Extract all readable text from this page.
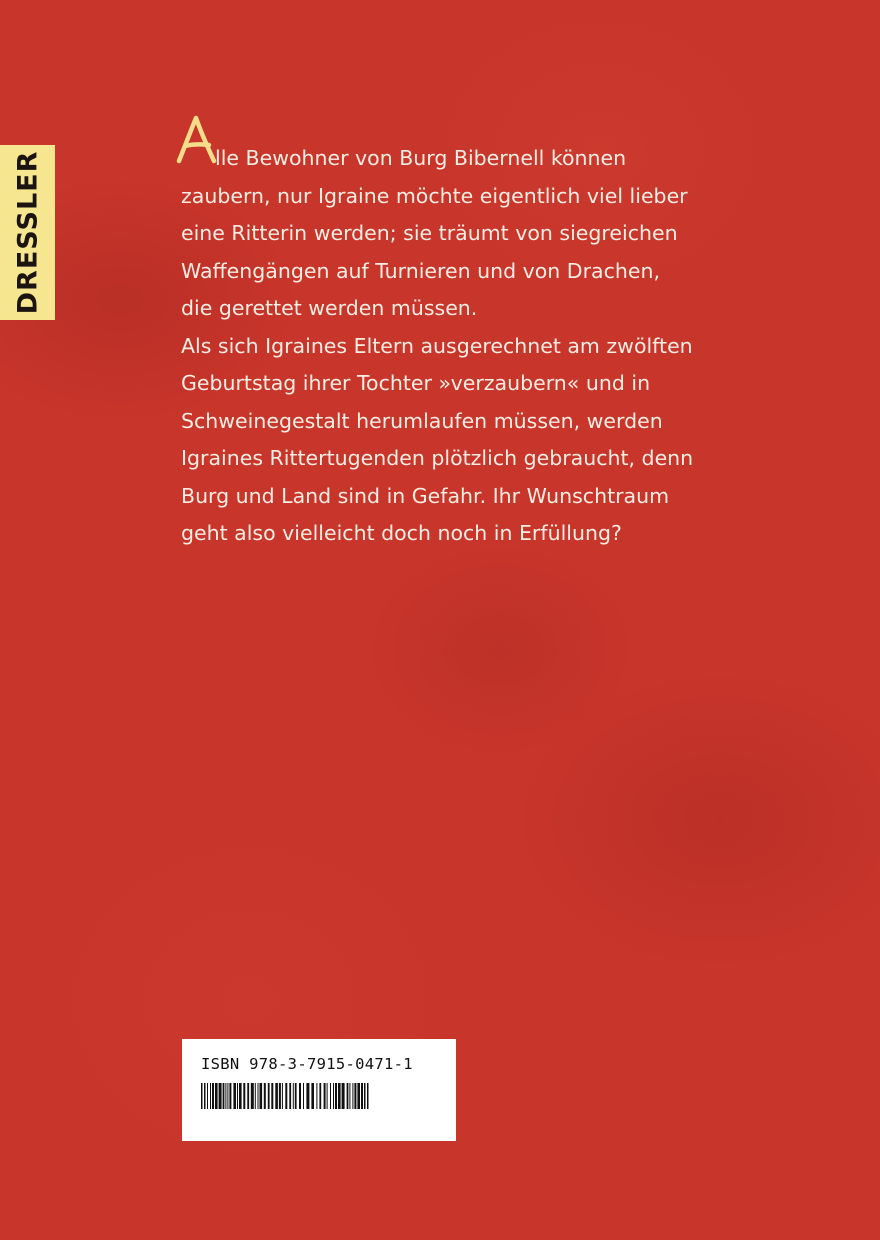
DRESSLER	lle Bewohner von Burg Bibernell können
zaubern, nur Igraine möchte eigentlich viel lieber
eine Ritterin werden; sie träumt von siegreichen
Waffengängen auf Turnieren und von Drachen,
die gerettet werden müssen.
Als sich Igraines Eltern ausgerechnet am zwölften
Geburtstag ihrer Tochter »verzaubern« und in
Schweinegestalt herumlaufen müssen, werden
Igraines Rittertugenden plötzlich gebraucht, denn
Burg und Land sind in Gefahr. Ihr Wunschtraum
geht also vielleicht doch noch in Erfüllung?
ISBN 978-3-7915-0471-1
